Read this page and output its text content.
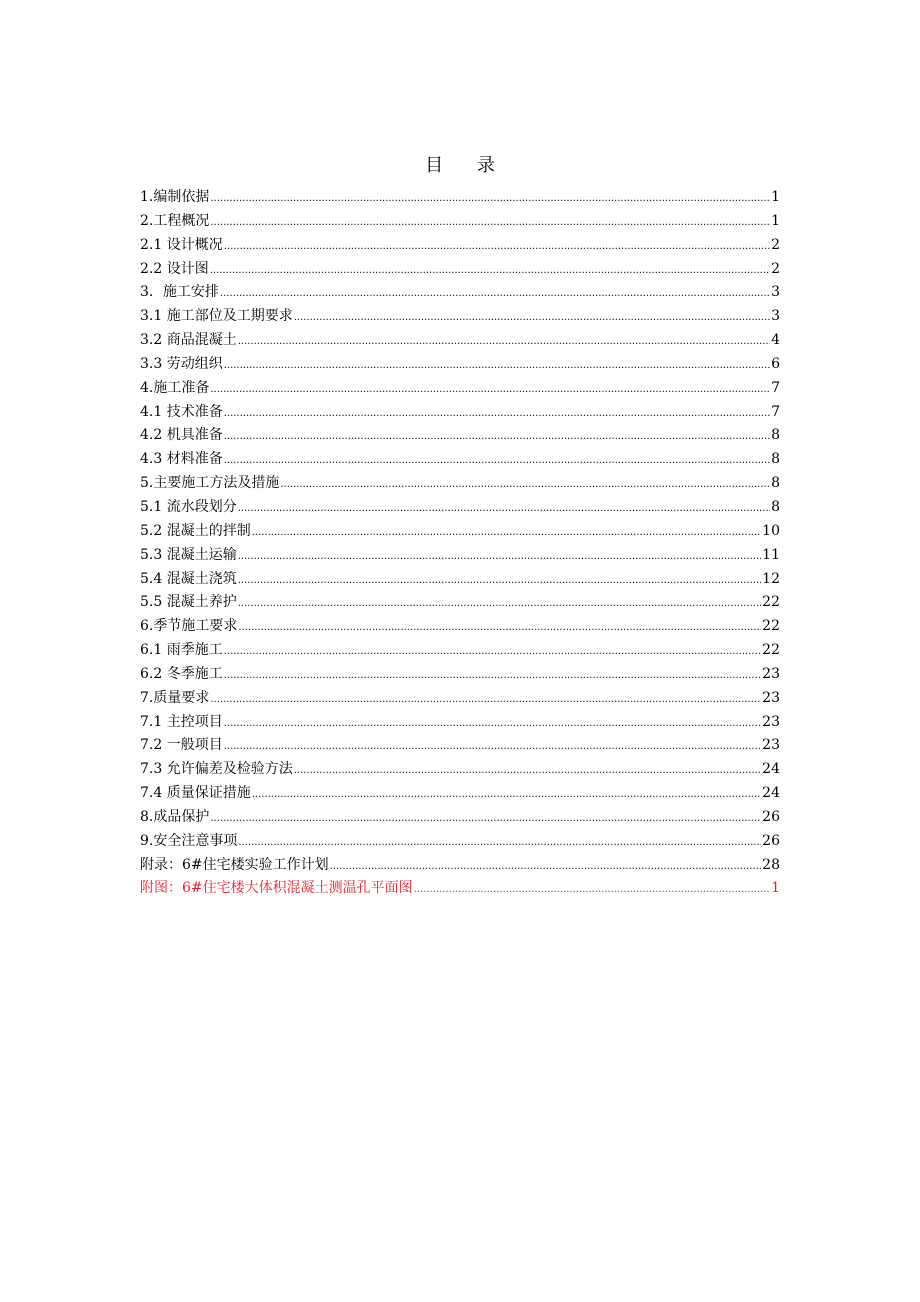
目 录
1.编制依据 .....	1
2.工程概况 .....	1
2.1 设计概况 .....	2
2.2 设计图 .....	2
3．施工安排 .....	3
3.1 施工部位及工期要求 .....	3
3.2 商品混凝土 .....	4
3.3 劳动组织 .....	6
4.施工准备 .....	7
4.1 技术准备 .....	7
4.2 机具准备 .....	8
4.3 材料准备 .....	8
5.主要施工方法及措施 .....	8
5.1 流水段划分 .....	8
5.2 混凝土的拌制 .....	10
5.3 混凝土运输 .....	11
5.4 混凝土浇筑 .....	12
5.5 混凝土养护 .....	22
6.季节施工要求 .....	22
6.1 雨季施工 .....	22
6.2 冬季施工 .....	23
7.质量要求 .....	23
7.1 主控项目 .....	23
7.2 一般项目 .....	23
7.3 允许偏差及检验方法 .....	24
7.4 质量保证措施 .....	24
8.成品保护 .....	26
9.安全注意事项 .....	26
附录：6#住宅楼实验工作计划 .....	28
附图：6#住宅楼大体积混凝土测温孔平面图 .....	1
